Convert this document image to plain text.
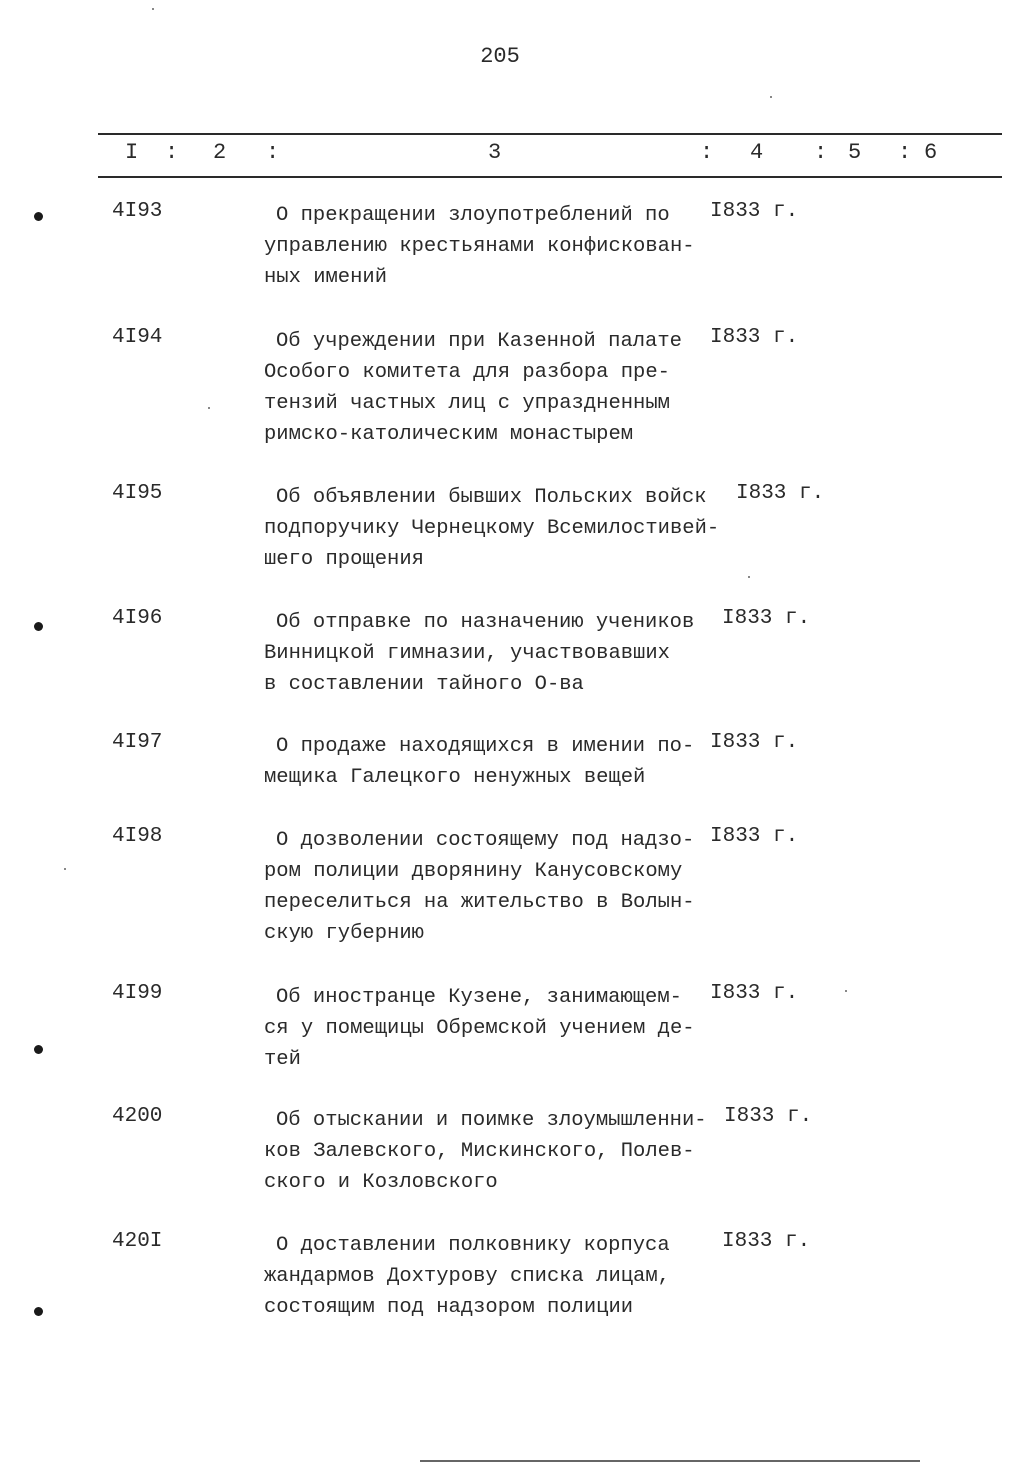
205
I : 2 :	3	: 4 : 5 : 6
4I93	О прекращении злоупотреблений по
управлению крестьянами конфискован-
ных имений
I833 г.
4I94	Об учреждении при Казенной палате
Особого комитета для разбора пре-
тензий частных лиц с упраздненным
римско-католическим монастырем
I833 г.
4I95	Об объявлении бывших Польских войск
подпоручику Чернецкому Всемилостивей-
шего прощения
I833 г.
4I96	Об отправке по назначению учеников
Винницкой гимназии, участвовавших
в составлении тайного О-ва
I833 г.
4I97	О продаже находящихся в имении по-
мещика Галецкого ненужных вещей
I833 г.
4I98	О дозволении состоящему под надзо-
ром полиции дворянину Канусовскому
переселиться на жительство в Волын-
скую губернию
I833 г.
4I99	Об иностранце Кузене, занимающем-
ся у помещицы Обремской учением де-
тей
I833 г.
4200	Об отыскании и поимке злоумышленни-
ков Залевского, Мискинского, Полев-
ского и Козловского
I833 г.
420I	О доставлении полковнику корпуса
жандармов Дохтурову списка лицам,
состоящим под надзором полиции
I833 г.
